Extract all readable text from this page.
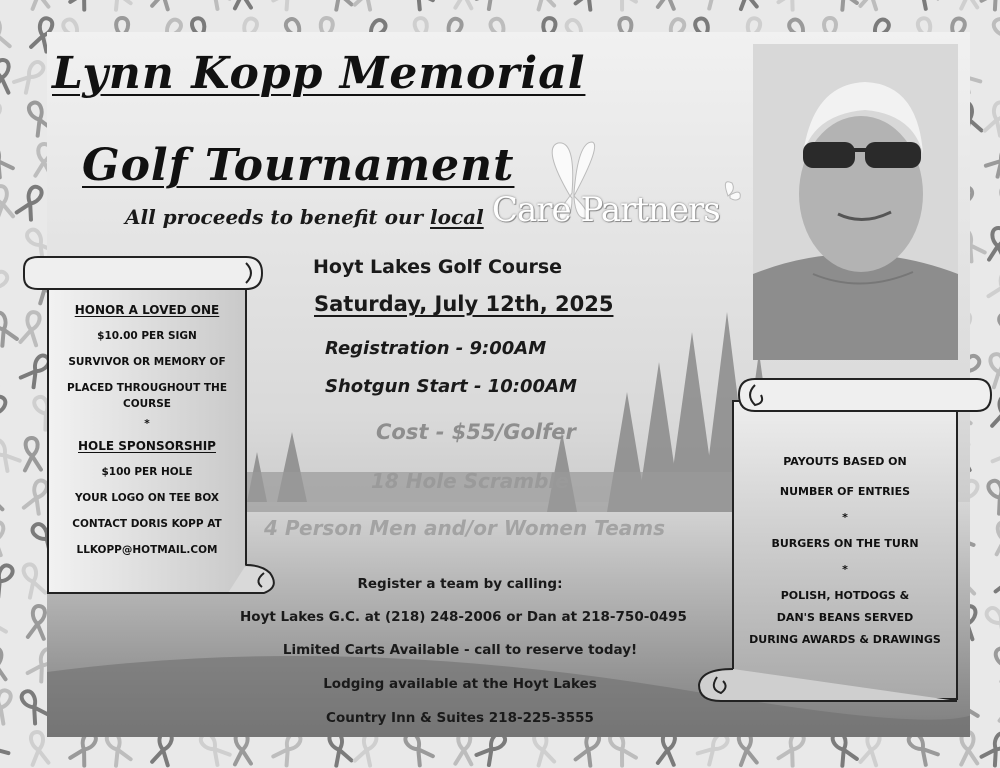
Lynn Kopp Memorial
Golf Tournament
All proceeds to benefit our local Care Partners
Hoyt Lakes Golf Course
Saturday, July 12th, 2025
Registration - 9:00AM
Shotgun Start - 10:00AM
Cost - $55/Golfer
18 Hole Scramble
4 Person Men and/or Women Teams
Register a team by calling:
Hoyt Lakes G.C. at (218) 248-2006 or Dan at 218-750-0495
Limited Carts Available - call to reserve today!
Lodging available at the Hoyt Lakes
Country Inn & Suites 218-225-3555

HONOR A LOVED ONE

$10.00 PER SIGN

SURVIVOR OR MEMORY OF

PLACED THROUGHOUT THE

COURSE

*

HOLE SPONSORSHIP

$100 PER HOLE

YOUR LOGO ON TEE BOX

CONTACT DORIS KOPP AT

LLKOPP@HOTMAIL.COM

PAYOUTS BASED ON

NUMBER OF ENTRIES

*

BURGERS ON THE TURN

*

POLISH, HOTDOGS &

DAN'S BEANS SERVED

DURING AWARDS & DRAWINGS
